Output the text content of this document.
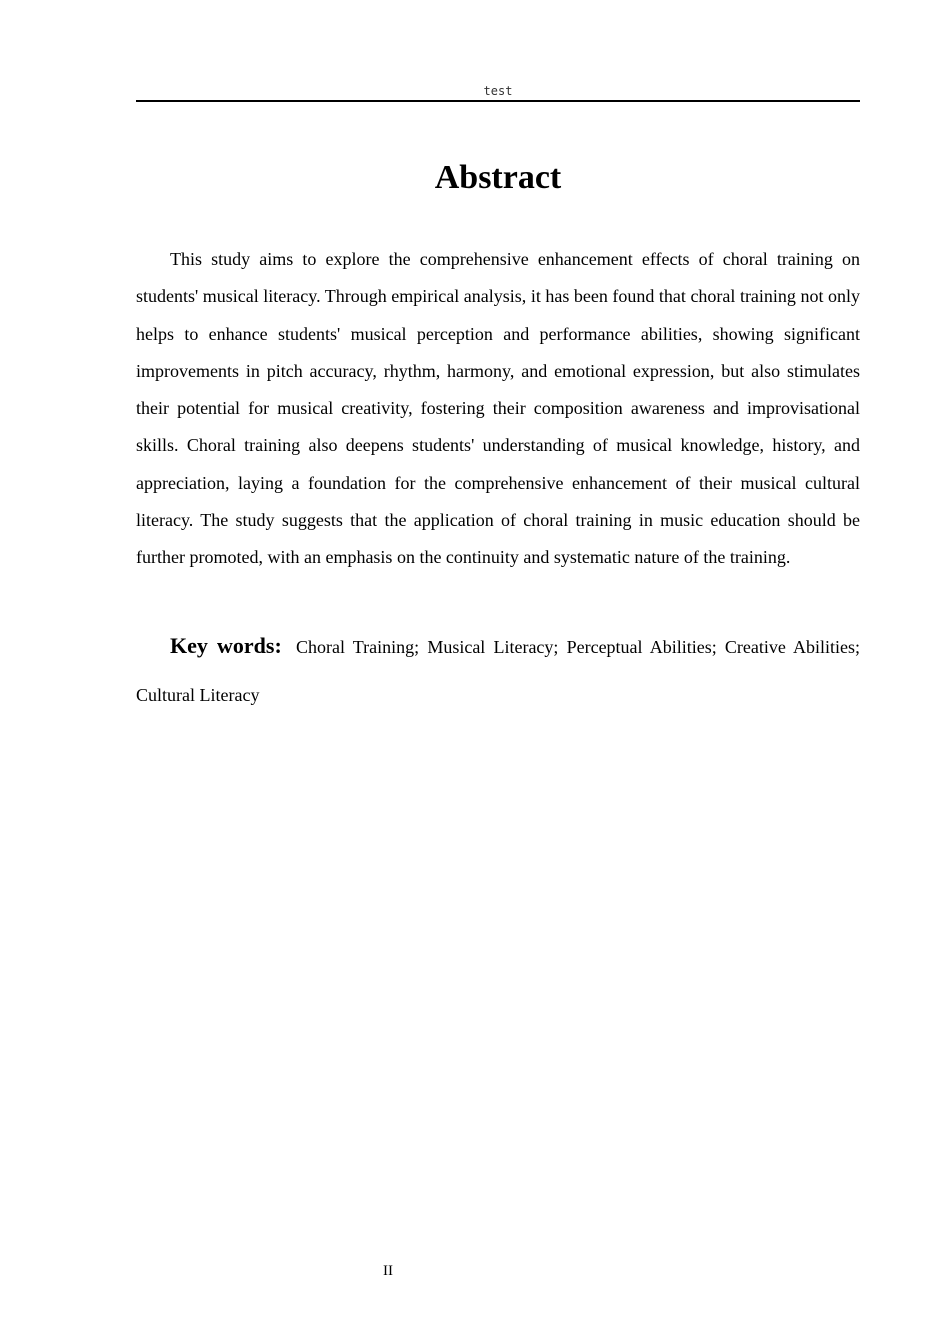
test
Abstract

This study aims to explore the comprehensive enhancement effects of choral training on students' musical literacy. Through empirical analysis, it has been found that choral training not only helps to enhance students' musical perception and performance abilities, showing significant improvements in pitch accuracy, rhythm, harmony, and emotional expression, but also stimulates their potential for musical creativity, fostering their composition awareness and improvisational skills. Choral training also deepens students' understanding of musical knowledge, history, and appreciation, laying a foundation for the comprehensive enhancement of their musical cultural literacy. The study suggests that the application of choral training in music education should be further promoted, with an emphasis on the continuity and systematic nature of the training.

Key words: Choral Training; Musical Literacy; Perceptual Abilities; Creative Abilities; Cultural Literacy

II
